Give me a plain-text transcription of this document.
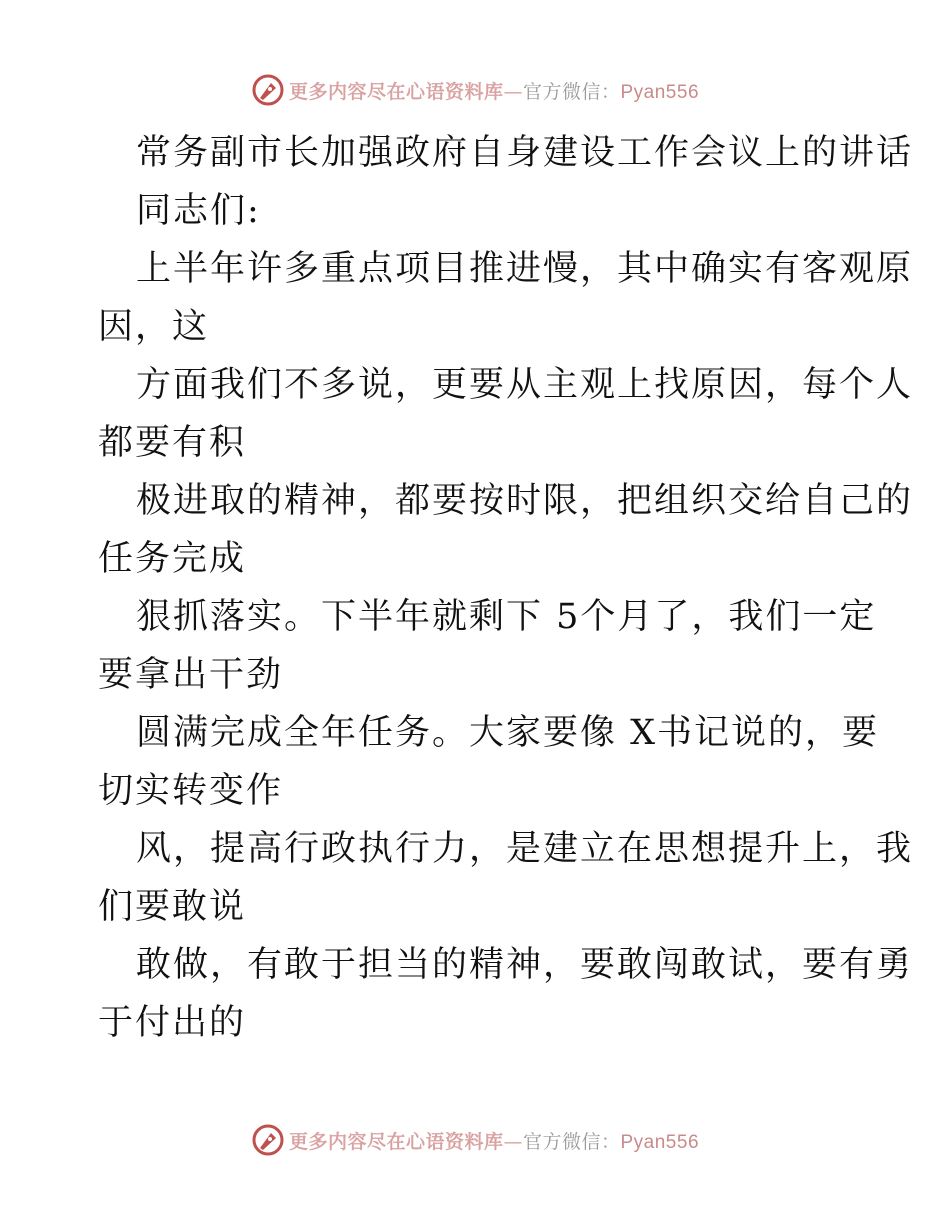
更多内容尽在心语资料库—官方微信：Pyan556
常务副市长加强政府自身建设工作会议上的讲话
同志们:
上半年许多重点项目推进慢，其中确实有客观原
因，这
方面我们不多说，更要从主观上找原因，每个人
都要有积
极进取的精神，都要按时限，把组织交给自己的
任务完成
狠抓落实。下半年就剩下 5个月了，我们一定
要拿出干劲
圆满完成全年任务。大家要像 X书记说的，要
切实转变作
风，提高行政执行力，是建立在思想提升上，我
们要敢说
敢做，有敢于担当的精神，要敢闯敢试，要有勇
于付出的
更多内容尽在心语资料库—官方微信：Pyan556
